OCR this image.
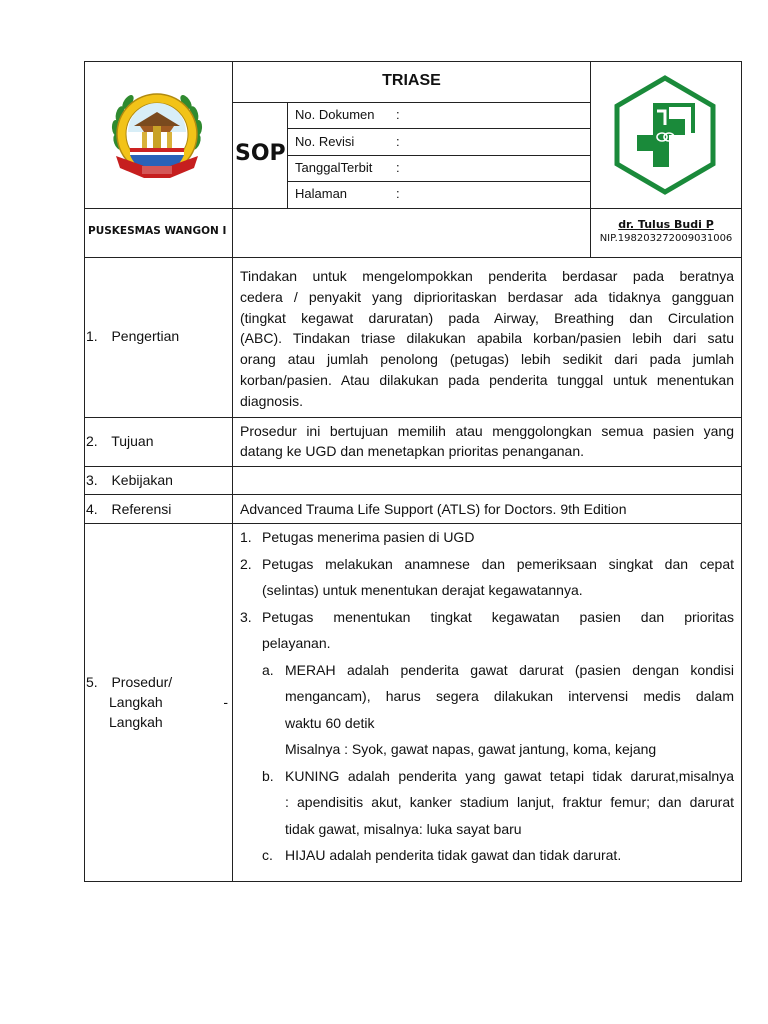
TRIASE
SOP
No. Dokumen :
No. Revisi	:
TanggalTerbit :
Halaman	:
PUSKESMAS WANGON I	dr. Tulus Budi P
NIP.198203272009031006
1. Pengertian
Tindakan untuk mengelompokkan penderita berdasar pada beratnya
cedera / penyakit yang diprioritaskan berdasar ada tidaknya gangguan
(tingkat kegawat daruratan) pada Airway, Breathing dan Circulation
(ABC). Tindakan triase dilakukan apabila korban/pasien lebih dari satu
orang atau jumlah penolong (petugas) lebih sedikit dari pada jumlah
korban/pasien. Atau dilakukan pada penderita tunggal untuk menentukan
diagnosis.
2. Tujuan
Prosedur ini bertujuan memilih atau menggolongkan semua pasien yang
datang ke UGD dan menetapkan prioritas penanganan.
3. Kebijakan
4. Referensi	Advanced Trauma Life Support (ATLS) for Doctors. 9th Edition
5. Prosedur/
Langkah	-
Langkah
1. Petugas menerima pasien di UGD
2. Petugas melakukan anamnese dan pemeriksaan singkat dan cepat
(selintas) untuk menentukan derajat kegawatannya.
3. Petugas menentukan tingkat kegawatan pasien dan prioritas
pelayanan.
a. MERAH adalah penderita gawat darurat (pasien dengan kondisi
mengancam), harus segera dilakukan intervensi medis dalam
waktu 60 detik
Misalnya : Syok, gawat napas, gawat jantung, koma, kejang
b. KUNING adalah penderita yang gawat tetapi tidak darurat,misalnya
: apendisitis akut, kanker stadium lanjut, fraktur femur; dan darurat
tidak gawat, misalnya: luka sayat baru
c. HIJAU adalah penderita tidak gawat dan tidak darurat.
